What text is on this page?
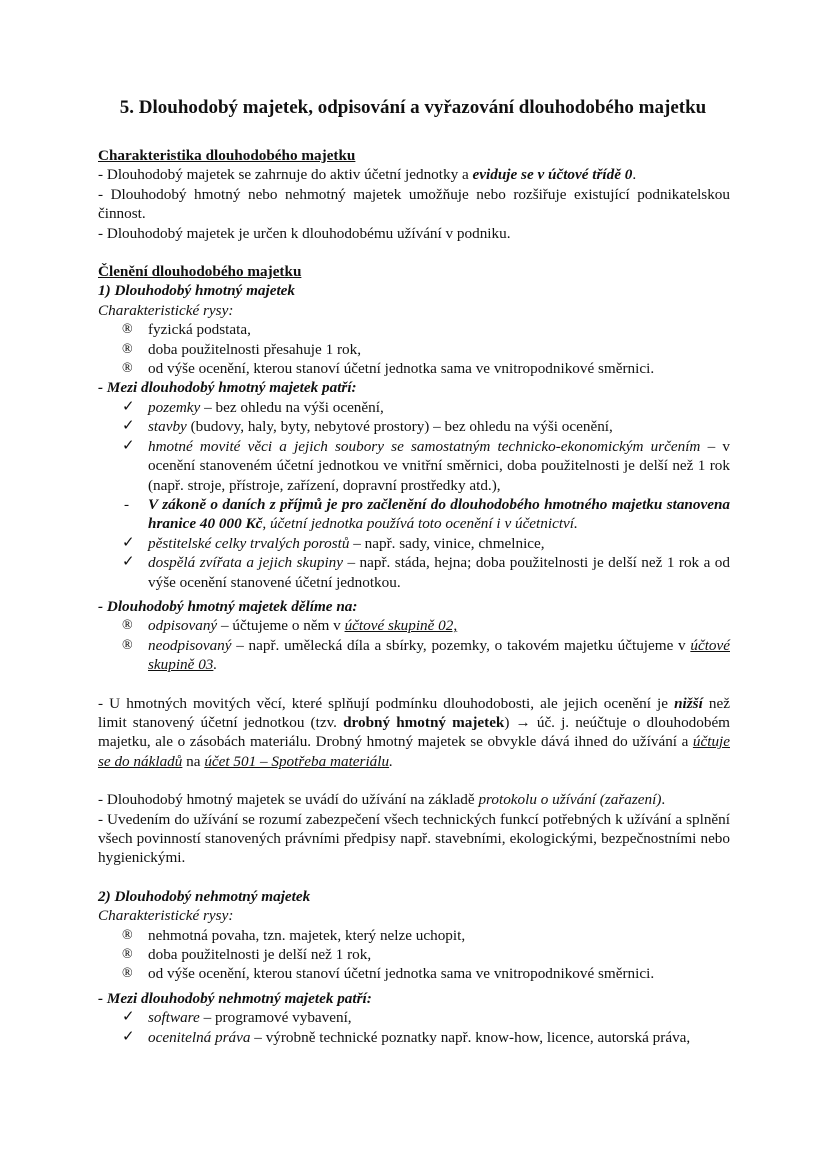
5. Dlouhodobý majetek, odpisování a vyřazování dlouhodobého majetku

Charakteristika dlouhodobého majetku

- Dlouhodobý majetek se zahrnuje do aktiv účetní jednotky a eviduje se v účtové třídě 0.

- Dlouhodobý hmotný nebo nehmotný majetek umožňuje nebo rozšiřuje existující podnikatelskou činnost.

- Dlouhodobý majetek je určen k dlouhodobému užívání v podniku.

Členění dlouhodobého majetku

1) Dlouhodobý hmotný majetek

Charakteristické rysy:

®	fyzická podstata,

®	doba použitelnosti přesahuje 1 rok,

®	od výše ocenění, kterou stanoví účetní jednotka sama ve vnitropodnikové směrnici.

- Mezi dlouhodobý hmotný majetek patří:

✓ pozemky – bez ohledu na výši ocenění,

✓ stavby (budovy, haly, byty, nebytové prostory) – bez ohledu na výši ocenění,

✓ hmotné movité věci a jejich soubory se samostatným technicko-ekonomickým určením – v ocenění stanoveném účetní jednotkou ve vnitřní směrnici, doba použitelnosti je delší než 1 rok (např. stroje, přístroje, zařízení, dopravní prostředky atd.),

-	V zákoně o daních z příjmů je pro začlenění do dlouhodobého hmotného majetku stanovena hranice 40 000 Kč, účetní jednotka používá toto ocenění i v účetnictví.

✓ pěstitelské celky trvalých porostů – např. sady, vinice, chmelnice,

✓ dospělá zvířata a jejich skupiny – např. stáda, hejna; doba použitelnosti je delší než 1 rok a od výše ocenění stanovené účetní jednotkou.

- Dlouhodobý hmotný majetek dělíme na:

®	odpisovaný – účtujeme o něm v účtové skupině 02,

®	neodpisovaný – např. umělecká díla a sbírky, pozemky, o takovém majetku účtujeme v účtové skupině 03.

- U hmotných movitých věcí, které splňují podmínku dlouhodobosti, ale jejich ocenění je nižší než limit stanovený účetní jednotkou (tzv. drobný hmotný majetek) → úč. j. neúčtuje o dlouhodobém majetku, ale o zásobách materiálu. Drobný hmotný majetek se obvykle dává ihned do užívání a účtuje se do nákladů na účet 501 – Spotřeba materiálu.

- Dlouhodobý hmotný majetek se uvádí do užívání na základě protokolu o užívání (zařazení).

- Uvedením do užívání se rozumí zabezpečení všech technických funkcí potřebných k užívání a splnění všech povinností stanovených právními předpisy např. stavebními, ekologickými, bezpečnostními nebo hygienickými.

2) Dlouhodobý nehmotný majetek

Charakteristické rysy:

®	nehmotná povaha, tzn. majetek, který nelze uchopit,

®	doba použitelnosti je delší než 1 rok,

®	od výše ocenění, kterou stanoví účetní jednotka sama ve vnitropodnikové směrnici.

- Mezi dlouhodobý nehmotný majetek patří:

✓ software – programové vybavení,

✓ ocenitelná práva – výrobně technické poznatky např. know-how, licence, autorská práva,
